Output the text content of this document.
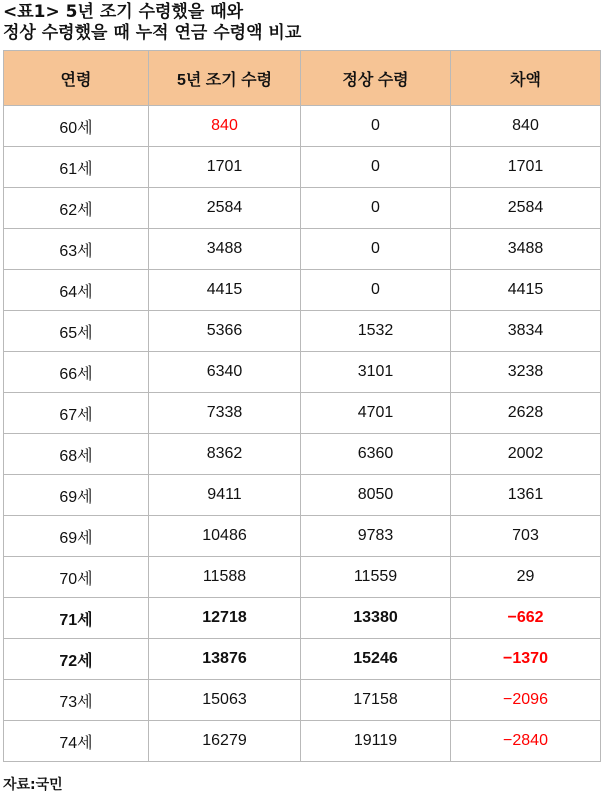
<표1> 5년 조기 수령했을 때와
정상 수령했을 때 누적 연금 수령액 비교
연령	5년 조기 수령	정상 수령	차액
60세	840	0	840
61세	1701	0	1701
62세	2584	0	2584
63세	3488	0	3488
64세	4415	0	4415
65세	5366	1532	3834
66세	6340	3101	3238
67세	7338	4701	2628
68세	8362	6360	2002
69세	9411	8050	1361
69세	10486	9783	703
70세	11588	11559	29
71세	12718	13380	−662
72세	13876	15246	−1370
73세	15063	17158	−2096
74세	16279	19119	−2840
자료:국민
